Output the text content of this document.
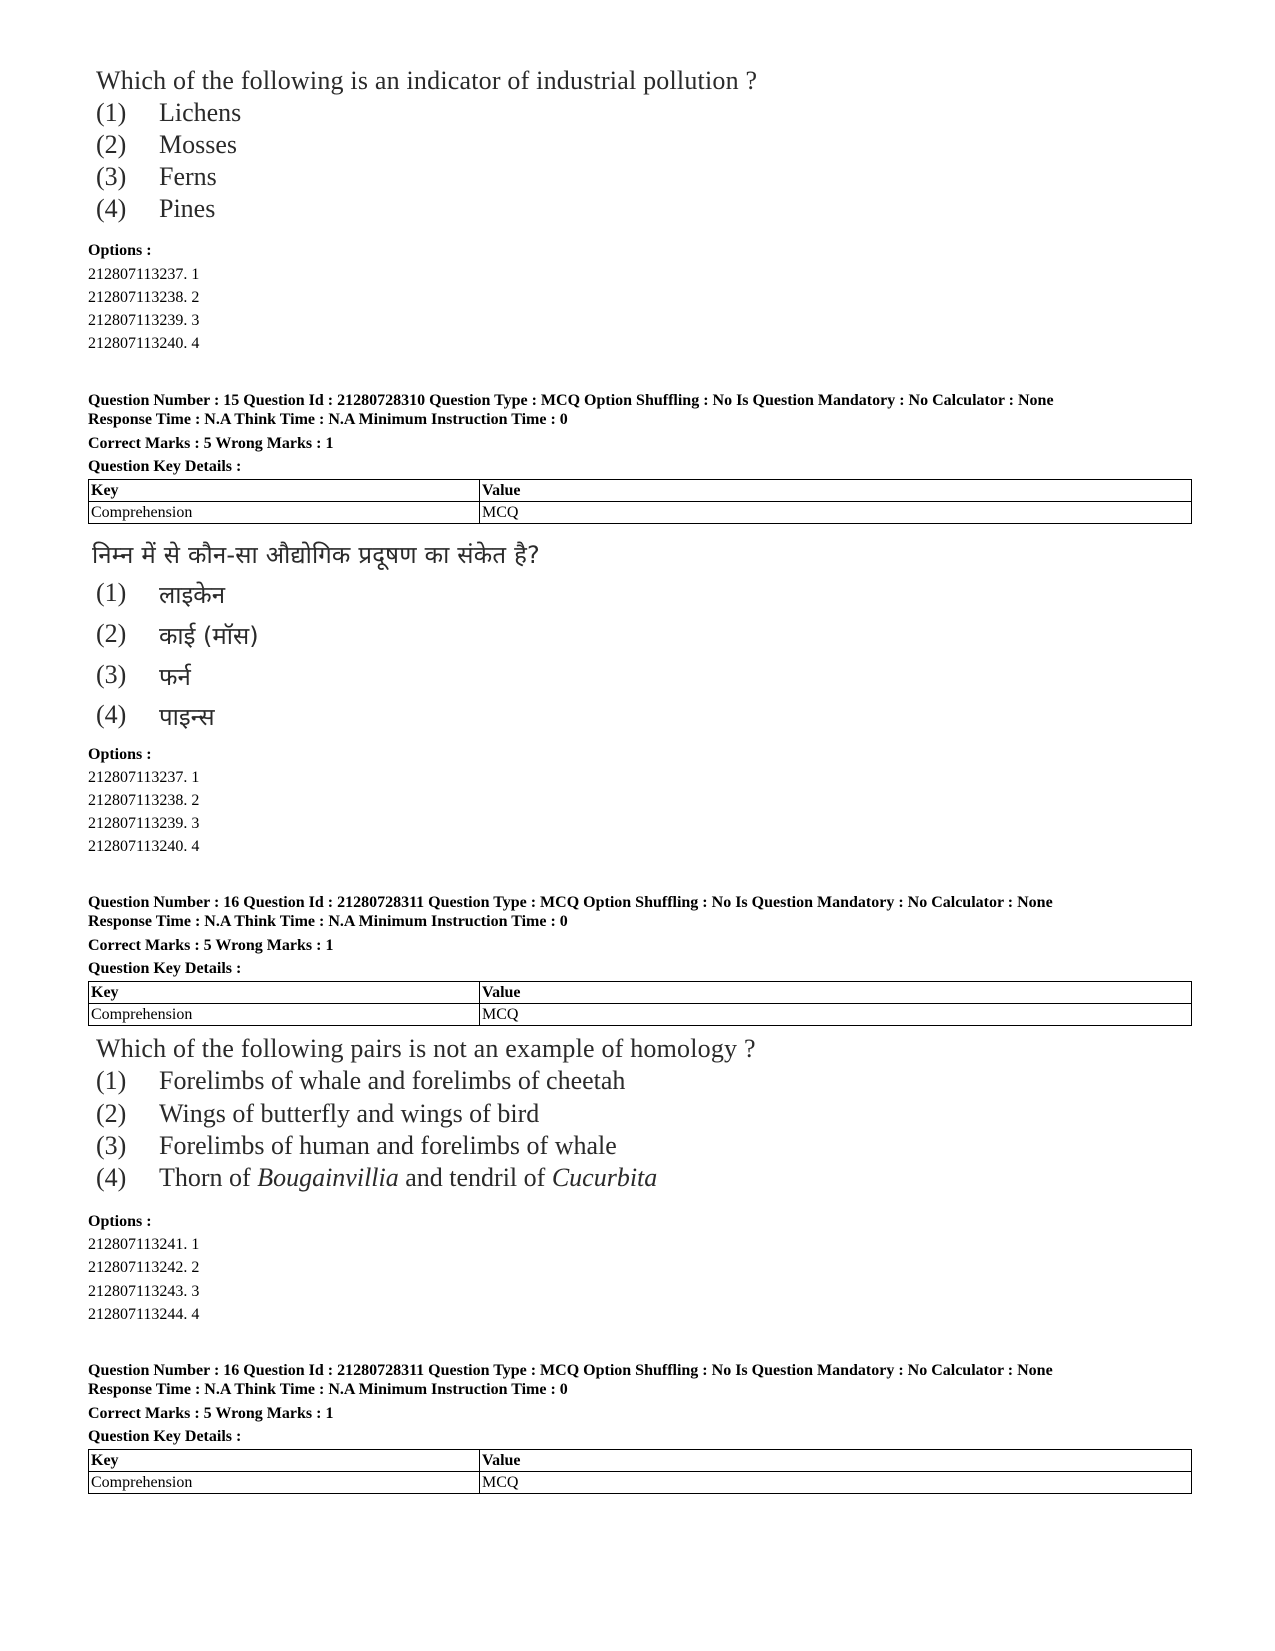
Which of the following is an indicator of industrial pollution ?
(1) Lichens
(2) Mosses
(3) Ferns
(4) Pines
Options :
212807113237. 1
212807113238. 2
212807113239. 3
212807113240. 4
Question Number : 15 Question Id : 21280728310 Question Type : MCQ Option Shuffling : No Is Question Mandatory : No Calculator : None
Response Time : N.A Think Time : N.A Minimum Instruction Time : 0
Correct Marks : 5 Wrong Marks : 1
Question Key Details :
Key	Value
Comprehension	MCQ
निम्न में से कौन-सा औद्योगिक प्रदूषण का संकेत है?
(1) लाइकेन
(2) काई (मॉस)
(3) फर्न
(4) पाइन्स
Options :
212807113237. 1
212807113238. 2
212807113239. 3
212807113240. 4
Question Number : 16 Question Id : 21280728311 Question Type : MCQ Option Shuffling : No Is Question Mandatory : No Calculator : None
Response Time : N.A Think Time : N.A Minimum Instruction Time : 0
Correct Marks : 5 Wrong Marks : 1
Question Key Details :
Key	Value
Comprehension	MCQ
Which of the following pairs is not an example of homology ?
(1) Forelimbs of whale and forelimbs of cheetah
(2) Wings of butterfly and wings of bird
(3) Forelimbs of human and forelimbs of whale
(4) Thorn of Bougainvillia and tendril of Cucurbita
Options :
212807113241. 1
212807113242. 2
212807113243. 3
212807113244. 4
Question Number : 16 Question Id : 21280728311 Question Type : MCQ Option Shuffling : No Is Question Mandatory : No Calculator : None
Response Time : N.A Think Time : N.A Minimum Instruction Time : 0
Correct Marks : 5 Wrong Marks : 1
Question Key Details :
Key	Value
Comprehension	MCQ
